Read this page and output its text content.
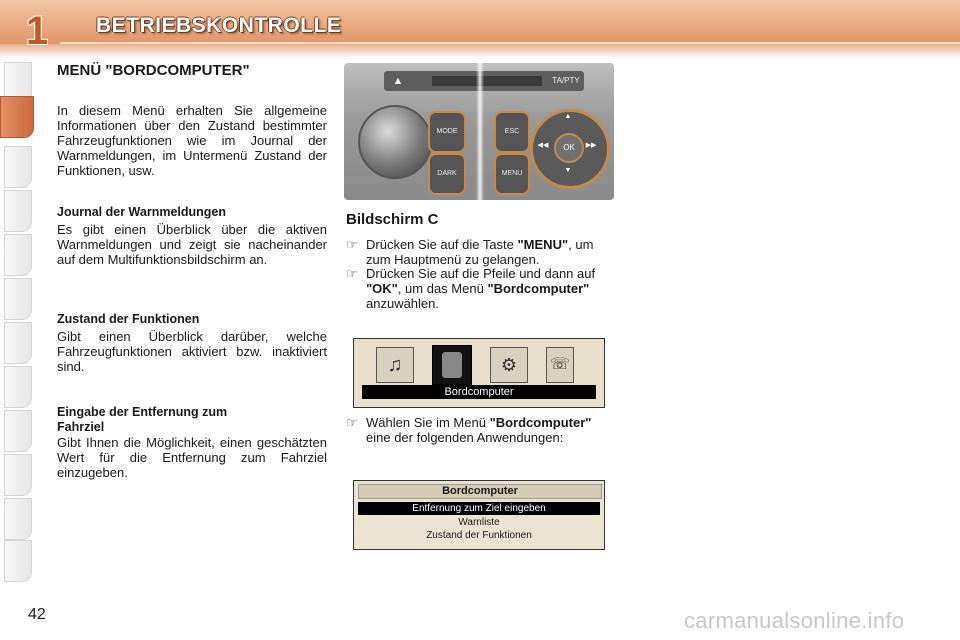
1 BETRIEBSKONTROLLE
MENÜ "BORDCOMPUTER"
In diesem Menü erhalten Sie allgemeine Informationen über den Zustand bestimmter Fahrzeugfunktionen wie im Journal der Warnmeldungen, im Untermenü Zustand der Funktionen, usw.
Journal der Warnmeldungen
Es gibt einen Überblick über die aktiven Warnmeldungen und zeigt sie nacheinander auf dem Multifunktionsbildschirm an.
Zustand der Funktionen
Gibt einen Überblick darüber, welche Fahrzeugfunktionen aktiviert bzw. inaktiviert sind.
Eingabe der Entfernung zum Fahrziel
Gibt Ihnen die Möglichkeit, einen geschätzten Wert für die Entfernung zum Fahrziel einzugeben.
▲	TA/PTY
MODE
DARK
ESC
MENU
OK
▲
▼
◀◀	▶▶
Bildschirm C
☞ Drücken Sie auf die Taste "MENU", um zum Hauptmenü zu gelangen.
☞ Drücken Sie auf die Pfeile und dann auf "OK", um das Menü "Bordcomputer" anzuwählen.
♫	⚙	☏
Bordcomputer
☞ Wählen Sie im Menü "Bordcomputer" eine der folgenden Anwendungen:
Bordcomputer
Entfernung zum Ziel eingeben
Warnliste
Zustand der Funktionen
42	carmanualsonline.info
